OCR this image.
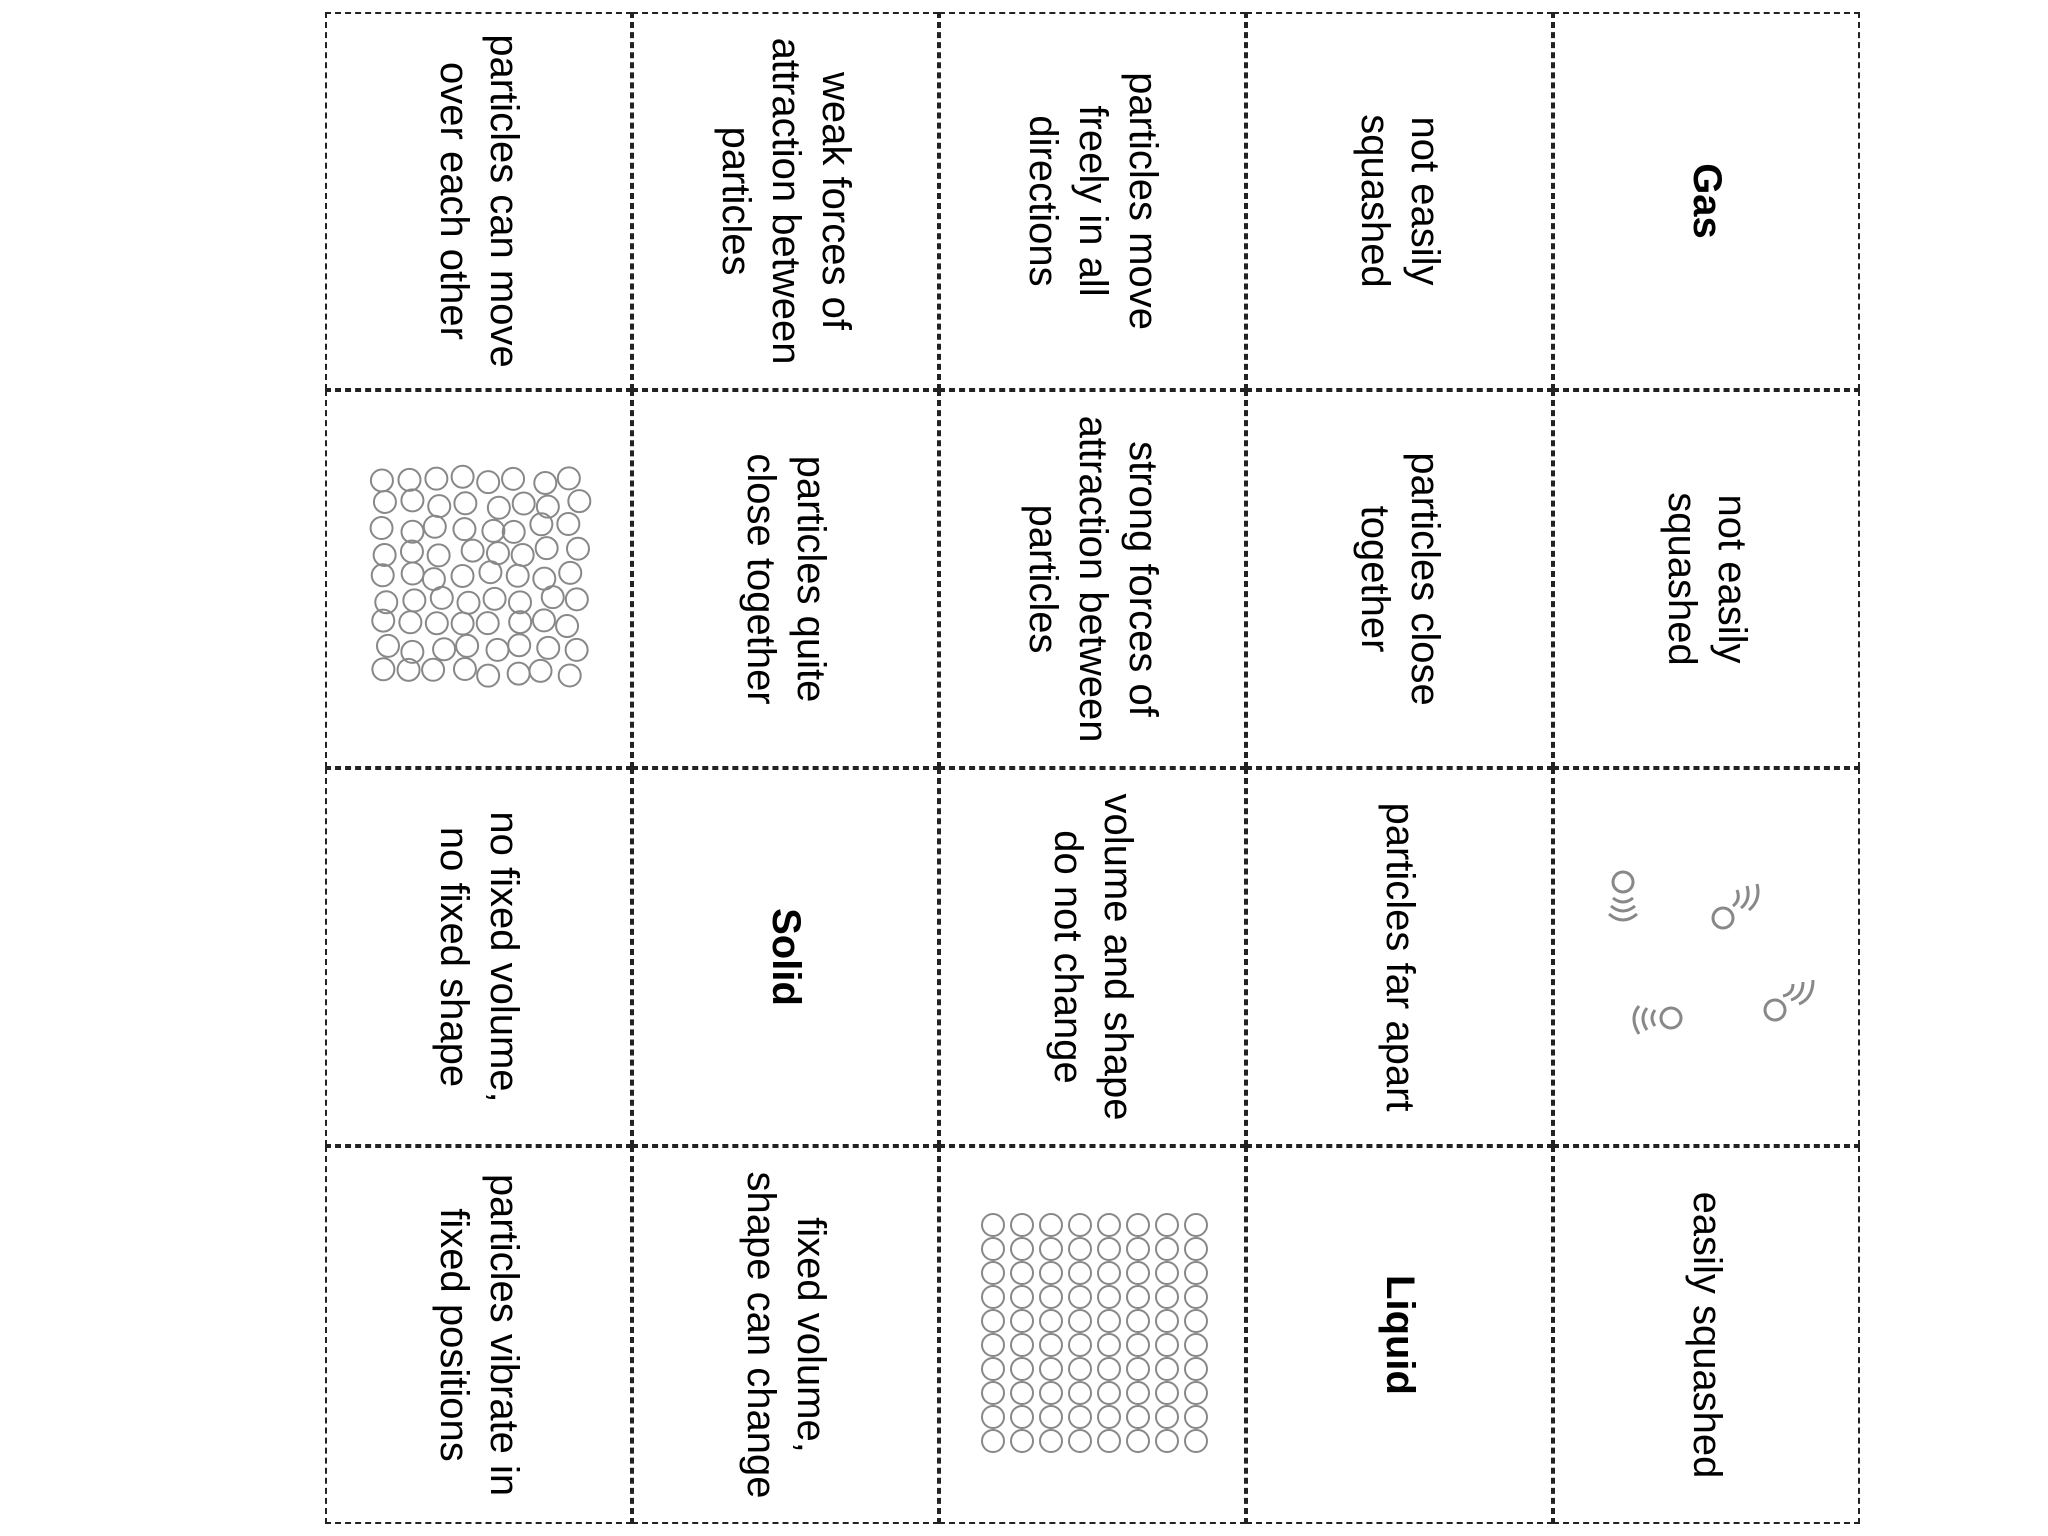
particles can move over each other	weak forces of attraction between particles	particles move freely in all directions	not easily squashed	Gas
particles quite close together	strong forces of attraction between particles	particles close together	not easily squashed
no fixed volume, no fixed shape	Solid	volume and shape do not change	particles far apart
particles vibrate in fixed positions	fixed volume, shape can change	Liquid	easily squashed
